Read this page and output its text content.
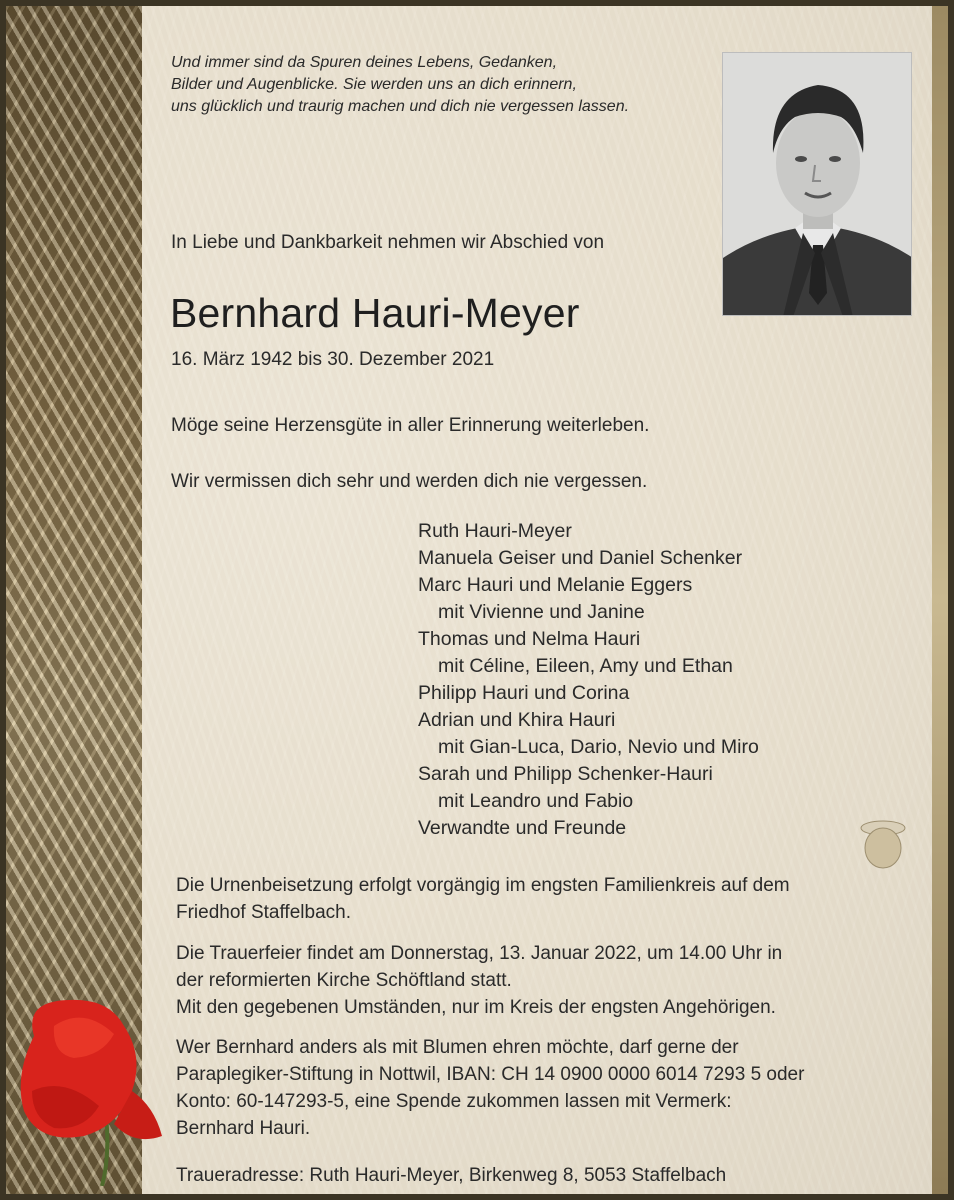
Und immer sind da Spuren deines Lebens, Gedanken,
Bilder und Augenblicke. Sie werden uns an dich erinnern,
uns glücklich und traurig machen und dich nie vergessen lassen.

In Liebe und Dankbarkeit nehmen wir Abschied von

Bernhard Hauri-Meyer

16. März 1942 bis 30. Dezember 2021

Möge seine Herzensgüte in aller Erinnerung weiterleben.

Wir vermissen dich sehr und werden dich nie vergessen.

Ruth Hauri-Meyer
Manuela Geiser und Daniel Schenker
Marc Hauri und Melanie Eggers
mit Vivienne und Janine
Thomas und Nelma Hauri
mit Céline, Eileen, Amy und Ethan
Philipp Hauri und Corina
Adrian und Khira Hauri
mit Gian-Luca, Dario, Nevio und Miro
Sarah und Philipp Schenker-Hauri
mit Leandro und Fabio
Verwandte und Freunde
Die Urnenbeisetzung erfolgt vorgängig im engsten Familienkreis auf dem
Friedhof Staffelbach.
Die Trauerfeier findet am Donnerstag, 13. Januar 2022, um 14.00 Uhr in
der reformierten Kirche Schöftland statt.
Mit den gegebenen Umständen, nur im Kreis der engsten Angehörigen.
Wer Bernhard anders als mit Blumen ehren möchte, darf gerne der
Paraplegiker-Stiftung in Nottwil, IBAN: CH 14 0900 0000 6014 7293 5 oder
Konto: 60-147293-5, eine Spende zukommen lassen mit Vermerk:
Bernhard Hauri.

Traueradresse: Ruth Hauri-Meyer, Birkenweg 8, 5053 Staffelbach
